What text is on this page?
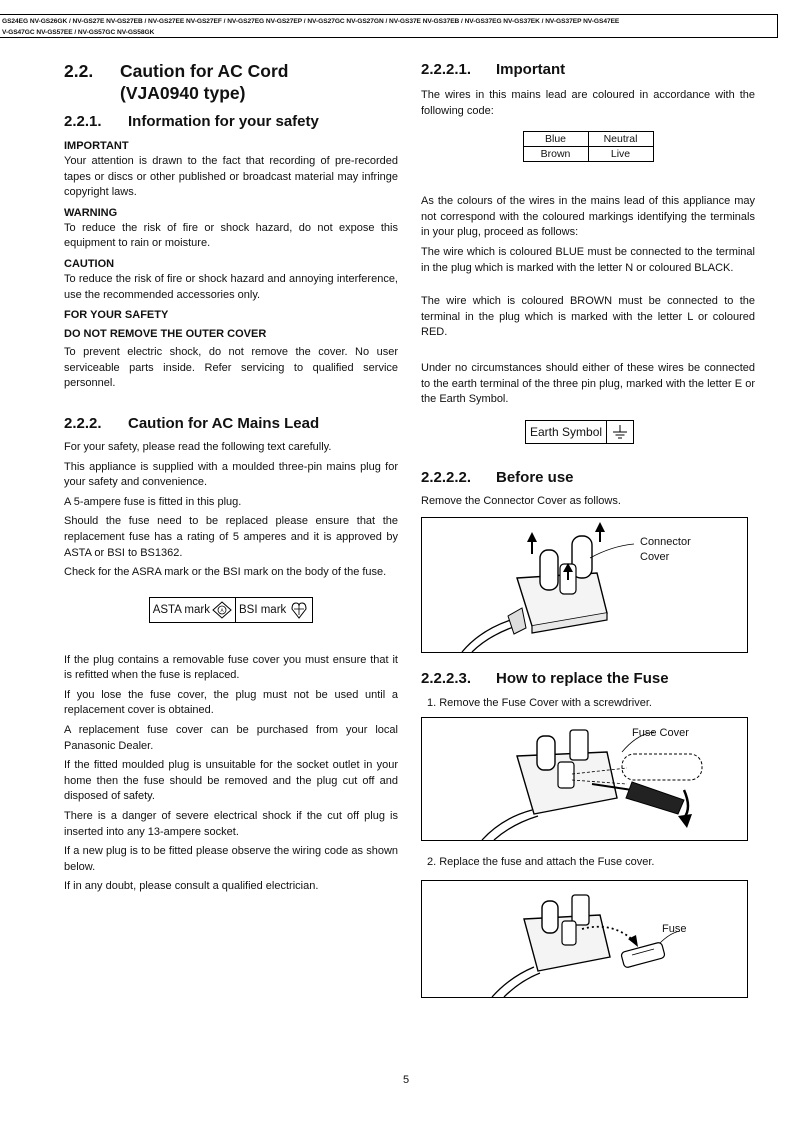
GS24EG NV-GS26GK / NV-GS27E NV-GS27EB / NV-GS27EE NV-GS27EF / NV-GS27EG NV-GS27EP / NV-GS27GC NV-GS27GN / NV-GS37E NV-GS37EB / NV-GS37EG NV-GS37EK / NV-GS37EP NV-GS47EE
V-GS47GC NV-GS57EE / NV-GS57GC NV-GS58GK
2.2.	Caution for AC Cord
(VJA0940 type)
2.2.1.	Information for your safety
IMPORTANT

Your attention is drawn to the fact that recording of pre-recorded tapes or discs or other published or broadcast material may infringe copyright laws.

WARNING

To reduce the risk of fire or shock hazard, do not expose this equipment to rain or moisture.

CAUTION

To reduce the risk of fire or shock hazard and annoying interference, use the recommended accessories only.

FOR YOUR SAFETY
DO NOT REMOVE THE OUTER COVER

To prevent electric shock, do not remove the cover. No user serviceable parts inside. Refer servicing to qualified service personnel.

2.2.2.	Caution for AC Mains Lead

For your safety, please read the following text carefully.

This appliance is supplied with a moulded three-pin mains plug for your safety and convenience.

A 5-ampere fuse is fitted in this plug.

Should the fuse need to be replaced please ensure that the replacement fuse has a rating of 5 amperes and it is approved by ASTA or BSI to BS1362.

Check for the ASRA mark or the BSI mark on the body of the fuse.

ASTA mark A BSI mark

If the plug contains a removable fuse cover you must ensure that it is refitted when the fuse is replaced.

If you lose the fuse cover, the plug must not be used until a replacement cover is obtained.

A replacement fuse cover can be purchased from your local Panasonic Dealer.

If the fitted moulded plug is unsuitable for the socket outlet in your home then the fuse should be removed and the plug cut off and disposed of safety.

There is a danger of severe electrical shock if the cut off plug is inserted into any 13-ampere socket.

If a new plug is to be fitted please observe the wiring code as shown below.

If in any doubt, please consult a qualified electrician.

2.2.2.1.	Important

The wires in this mains lead are coloured in accordance with the following code:

Blue	Neutral
Brown	Live

As the colours of the wires in the mains lead of this appliance may not correspond with the coloured markings identifying the terminals in your plug, proceed as follows:

The wire which is coloured BLUE must be connected to the terminal in the plug which is marked with the letter N or coloured BLACK.

The wire which is coloured BROWN must be connected to the terminal in the plug which is marked with the letter L or coloured RED.

Under no circumstances should either of these wires be connected to the earth terminal of the three pin plug, marked with the letter E or the Earth Symbol.

Earth Symbol
2.2.2.2.	Before use

Remove the Connector Cover as follows.

Connector
Cover
2.2.2.3.	How to replace the Fuse
1. Remove the Fuse Cover with a screwdriver.
Fuse Cover
2. Replace the fuse and attach the Fuse cover.
Fuse
5
